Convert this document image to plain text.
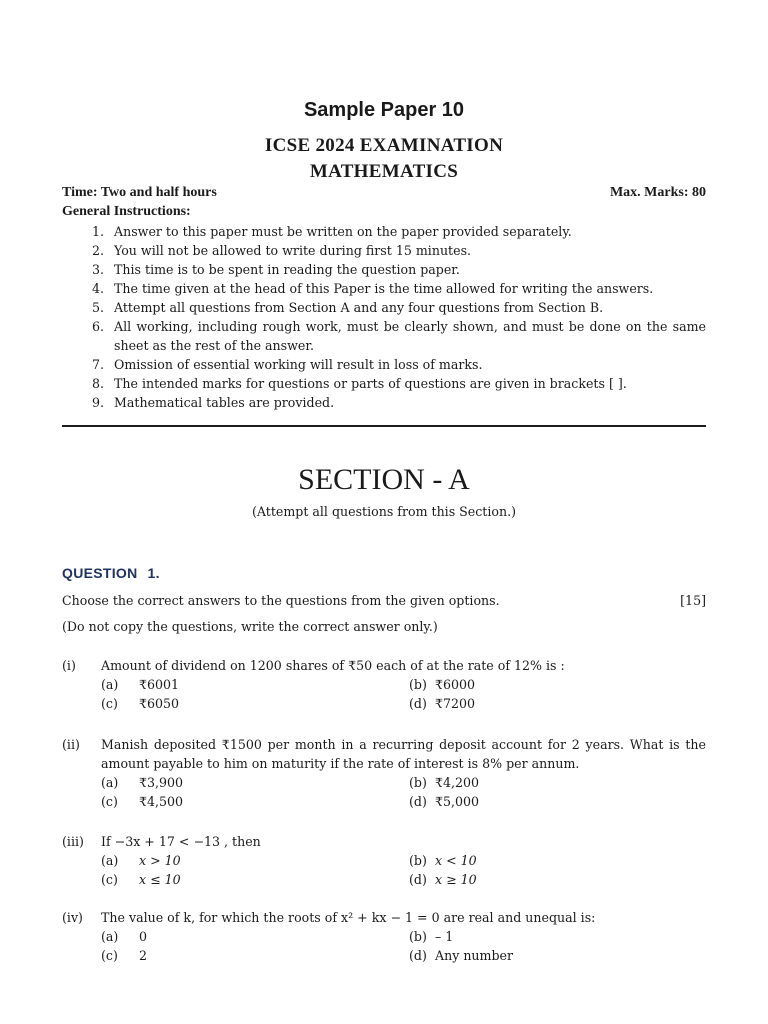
Sample Paper 10
ICSE 2024 EXAMINATION
MATHEMATICS
Time: Two and half hours	Max. Marks: 80
General Instructions:
1. Answer to this paper must be written on the paper provided separately.
2. You will not be allowed to write during first 15 minutes.
3. This time is to be spent in reading the question paper.
4. The time given at the head of this Paper is the time allowed for writing the answers.
5. Attempt all questions from Section A and any four questions from Section B.
6. All working, including rough work, must be clearly shown, and must be done on the same sheet as the rest of the answer.
7. Omission of essential working will result in loss of marks.
8. The intended marks for questions or parts of questions are given in brackets [ ].
9. Mathematical tables are provided.
SECTION - A
(Attempt all questions from this Section.)
QUESTION 1.
Choose the correct answers to the questions from the given options.	[15]
(Do not copy the questions, write the correct answer only.)
(i) Amount of dividend on 1200 shares of ₹50 each of at the rate of 12% is :
(a) ₹6001	(b) ₹6000
(c) ₹6050	(d) ₹7200
(ii) Manish deposited ₹1500 per month in a recurring deposit account for 2 years. What is the amount payable to him on maturity if the rate of interest is 8% per annum.
(a) ₹3,900	(b) ₹4,200
(c) ₹4,500	(d) ₹5,000
(iii) If −3x + 17 < −13 , then
(a) x > 10	(b) x < 10
(c) x ≤ 10	(d) x ≥ 10
(iv) The value of k, for which the roots of x² + kx − 1 = 0 are real and unequal is:
(a) 0	(b) – 1
(c) 2	(d) Any number
